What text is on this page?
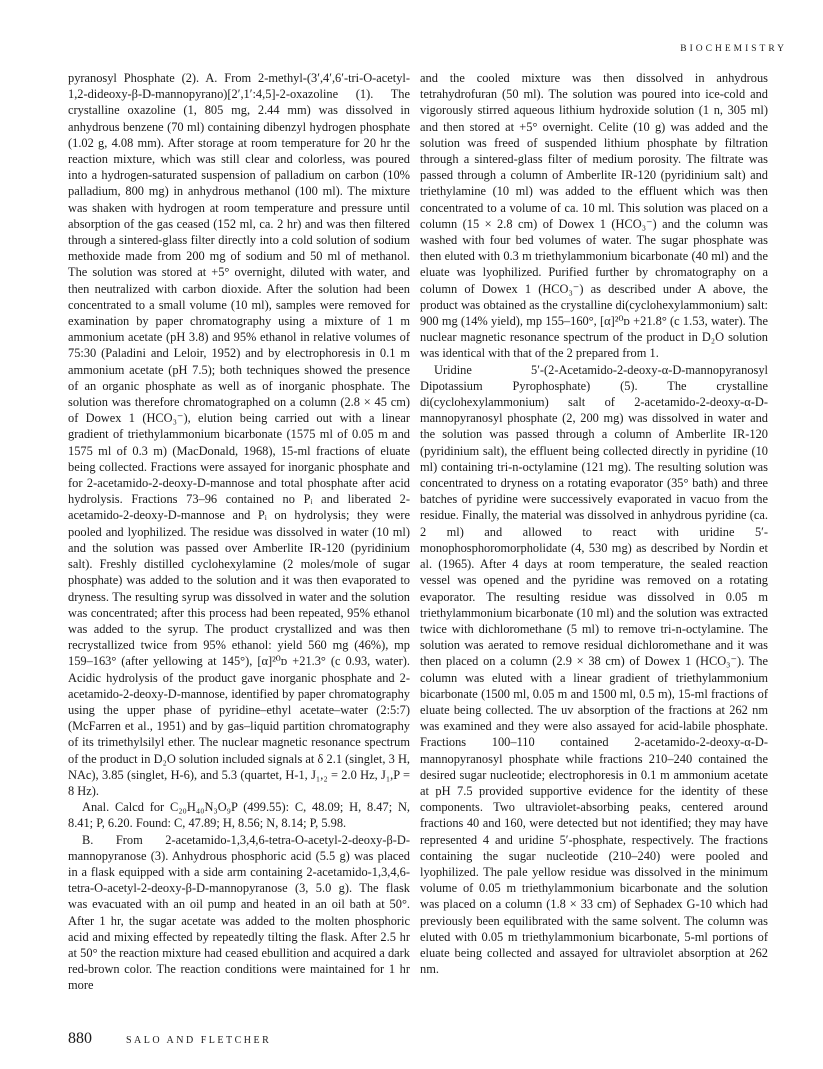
BIOCHEMISTRY

pyranosyl Phosphate (2). A. From 2-methyl-(3′,4′,6′-tri-O-acetyl-1,2-dideoxy-β-D-mannopyrano)[2′,1′:4,5]-2-oxazoline (1). The crystalline oxazoline (1, 805 mg, 2.44 mm) was dissolved in anhydrous benzene (70 ml) containing dibenzyl hydrogen phosphate (1.02 g, 4.08 mm). After storage at room temperature for 20 hr the reaction mixture, which was still clear and colorless, was poured into a hydrogen-saturated suspension of palladium on carbon (10% palladium, 800 mg) in anhydrous methanol (100 ml). The mixture was shaken with hydrogen at room temperature and pressure until absorption of the gas ceased (152 ml, ca. 2 hr) and was then filtered through a sintered-glass filter directly into a cold solution of sodium methoxide made from 200 mg of sodium and 50 ml of methanol. The solution was stored at +5° overnight, diluted with water, and then neutralized with carbon dioxide. After the solution had been concentrated to a small volume (10 ml), samples were removed for examination by paper chromatography using a mixture of 1 m ammonium acetate (pH 3.8) and 95% ethanol in relative volumes of 75:30 (Paladini and Leloir, 1952) and by electrophoresis in 0.1 m ammonium acetate (pH 7.5); both techniques showed the presence of an organic phosphate as well as of inorganic phosphate. The solution was therefore chromatographed on a column (2.8 × 45 cm) of Dowex 1 (HCO₃⁻), elution being carried out with a linear gradient of triethylammonium bicarbonate (1575 ml of 0.05 m and 1575 ml of 0.3 m) (MacDonald, 1968), 15-ml fractions of eluate being collected. Fractions were assayed for inorganic phosphate and for 2-acetamido-2-deoxy-D-mannose and total phosphate after acid hydrolysis. Fractions 73–96 contained no Pᵢ and liberated 2-acetamido-2-deoxy-D-mannose and Pᵢ on hydrolysis; they were pooled and lyophilized. The residue was dissolved in water (10 ml) and the solution was passed over Amberlite IR-120 (pyridinium salt). Freshly distilled cyclohexylamine (2 moles/mole of sugar phosphate) was added to the solution and it was then evaporated to dryness. The resulting syrup was dissolved in water and the solution was concentrated; after this process had been repeated, 95% ethanol was added to the syrup. The product crystallized and was then recrystallized twice from 95% ethanol: yield 560 mg (46%), mp 159–163° (after yellowing at 145°), [α]²⁰ᴅ +21.3° (c 0.93, water). Acidic hydrolysis of the product gave inorganic phosphate and 2-acetamido-2-deoxy-D-mannose, identified by paper chromatography using the upper phase of pyridine–ethyl acetate–water (2:5:7) (McFarren et al., 1951) and by gas–liquid partition chromatography of its trimethylsilyl ether. The nuclear magnetic resonance spectrum of the product in D₂O solution included signals at δ 2.1 (singlet, 3 H, NAc), 3.85 (singlet, H-6), and 5.3 (quartet, H-1, J₁,₂ = 2.0 Hz, J₁,P = 8 Hz).

Anal. Calcd for C₂₀H₄₀N₃O₉P (499.55): C, 48.09; H, 8.47; N, 8.41; P, 6.20. Found: C, 47.89; H, 8.56; N, 8.14; P, 5.98.

B. From 2-acetamido-1,3,4,6-tetra-O-acetyl-2-deoxy-β-D-mannopyranose (3). Anhydrous phosphoric acid (5.5 g) was placed in a flask equipped with a side arm containing 2-acetamido-1,3,4,6-tetra-O-acetyl-2-deoxy-β-D-mannopyranose (3, 5.0 g). The flask was evacuated with an oil pump and heated in an oil bath at 50°. After 1 hr, the sugar acetate was added to the molten phosphoric acid and mixing effected by repeatedly tilting the flask. After 2.5 hr at 50° the reaction mixture had ceased ebullition and acquired a dark red-brown color. The reaction conditions were maintained for 1 hr more

and the cooled mixture was then dissolved in anhydrous tetrahydrofuran (50 ml). The solution was poured into ice-cold and vigorously stirred aqueous lithium hydroxide solution (1 n, 305 ml) and then stored at +5° overnight. Celite (10 g) was added and the solution was freed of suspended lithium phosphate by filtration through a sintered-glass filter of medium porosity. The filtrate was passed through a column of Amberlite IR-120 (pyridinium salt) and triethylamine (10 ml) was added to the effluent which was then concentrated to a volume of ca. 10 ml. This solution was placed on a column (15 × 2.8 cm) of Dowex 1 (HCO₃⁻) and the column was washed with four bed volumes of water. The sugar phosphate was then eluted with 0.3 m triethylammonium bicarbonate (40 ml) and the eluate was lyophilized. Purified further by chromatography on a column of Dowex 1 (HCO₃⁻) as described under A above, the product was obtained as the crystalline di(cyclohexylammonium) salt: 900 mg (14% yield), mp 155–160°, [α]²⁰ᴅ +21.8° (c 1.53, water). The nuclear magnetic resonance spectrum of the product in D₂O solution was identical with that of the 2 prepared from 1.

Uridine 5′-(2-Acetamido-2-deoxy-α-D-mannopyranosyl Dipotassium Pyrophosphate) (5). The crystalline di(cyclohexylammonium) salt of 2-acetamido-2-deoxy-α-D-mannopyranosyl phosphate (2, 200 mg) was dissolved in water and the solution was passed through a column of Amberlite IR-120 (pyridinium salt), the effluent being collected directly in pyridine (10 ml) containing tri-n-octylamine (121 mg). The resulting solution was concentrated to dryness on a rotating evaporator (35° bath) and three batches of pyridine were successively evaporated in vacuo from the residue. Finally, the material was dissolved in anhydrous pyridine (ca. 2 ml) and allowed to react with uridine 5′-monophosphoromorpholidate (4, 530 mg) as described by Nordin et al. (1965). After 4 days at room temperature, the sealed reaction vessel was opened and the pyridine was removed on a rotating evaporator. The resulting residue was dissolved in 0.05 m triethylammonium bicarbonate (10 ml) and the solution was extracted twice with dichloromethane (5 ml) to remove tri-n-octylamine. The solution was aerated to remove residual dichloromethane and it was then placed on a column (2.9 × 38 cm) of Dowex 1 (HCO₃⁻). The column was eluted with a linear gradient of triethylammonium bicarbonate (1500 ml, 0.05 m and 1500 ml, 0.5 m), 15-ml fractions of eluate being collected. The uv absorption of the fractions at 262 nm was examined and they were also assayed for acid-labile phosphate. Fractions 100–110 contained 2-acetamido-2-deoxy-α-D-mannopyranosyl phosphate while fractions 210–240 contained the desired sugar nucleotide; electrophoresis in 0.1 m ammonium acetate at pH 7.5 provided supportive evidence for the identity of these components. Two ultraviolet-absorbing peaks, centered around fractions 40 and 160, were detected but not identified; they may have represented 4 and uridine 5′-phosphate, respectively. The fractions containing the sugar nucleotide (210–240) were pooled and lyophilized. The pale yellow residue was dissolved in the minimum volume of 0.05 m triethylammonium bicarbonate and the solution was placed on a column (1.8 × 33 cm) of Sephadex G-10 which had previously been equilibrated with the same solvent. The column was eluted with 0.05 m triethylammonium bicarbonate, 5-ml portions of eluate being collected and assayed for ultraviolet absorption at 262 nm.

880	SALO AND FLETCHER
